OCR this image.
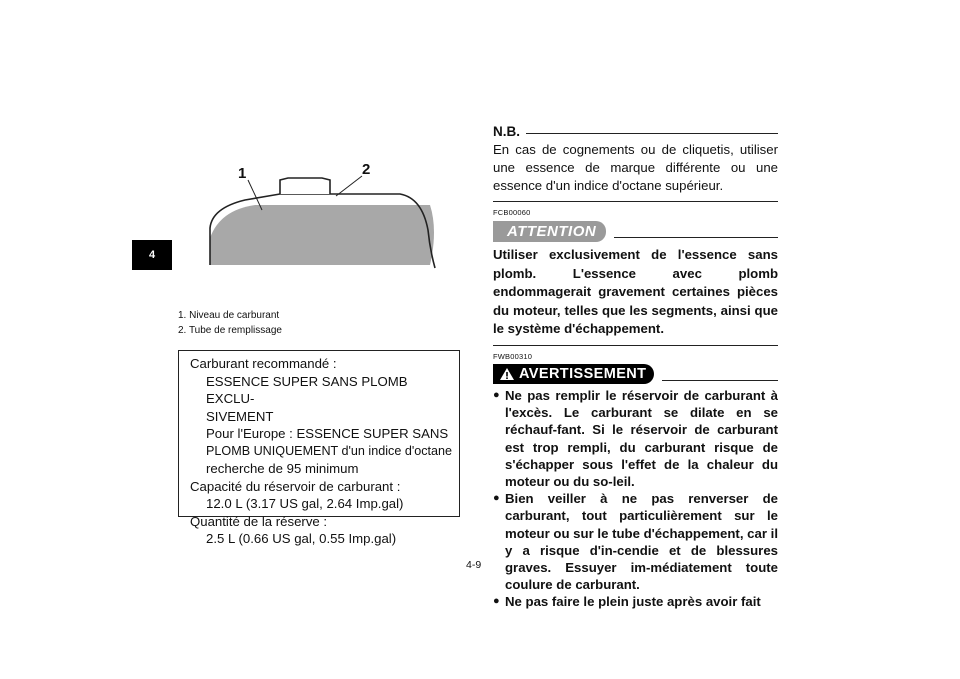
4
1	2
1. Niveau de carburant
2. Tube de remplissage
Carburant recommandé :
ESSENCE SUPER SANS PLOMB EXCLU-
SIVEMENT
Pour l'Europe : ESSENCE SUPER SANS
PLOMB UNIQUEMENT d'un indice d'octane
recherche de 95 minimum
Capacité du réservoir de carburant :
12.0 L (3.17 US gal, 2.64 Imp.gal)
Quantité de la réserve :
2.5 L (0.66 US gal, 0.55 Imp.gal)
N.B.
En cas de cognements ou de cliquetis, utiliser une essence de marque différente ou une essence d'un indice d'octane supérieur.
FCB00060
ATTENTION
Utiliser exclusivement de l'essence sans plomb. L'essence avec plomb endommagerait gravement certaines pièces du moteur, telles que les segments, ainsi que le système d'échappement.
FWB00310
AVERTISSEMENT
● Ne pas remplir le réservoir de carburant à l'excès. Le carburant se dilate en se réchauf-fant. Si le réservoir de carburant est trop rempli, du carburant risque de s'échapper sous l'effet de la chaleur du moteur ou du so-leil.
● Bien veiller à ne pas renverser de carburant, tout particulièrement sur le moteur ou sur le tube d'échappement, car il y a risque d'in-cendie et de blessures graves. Essuyer im-médiatement toute coulure de carburant.
● Ne pas faire le plein juste après avoir fait
4-9
